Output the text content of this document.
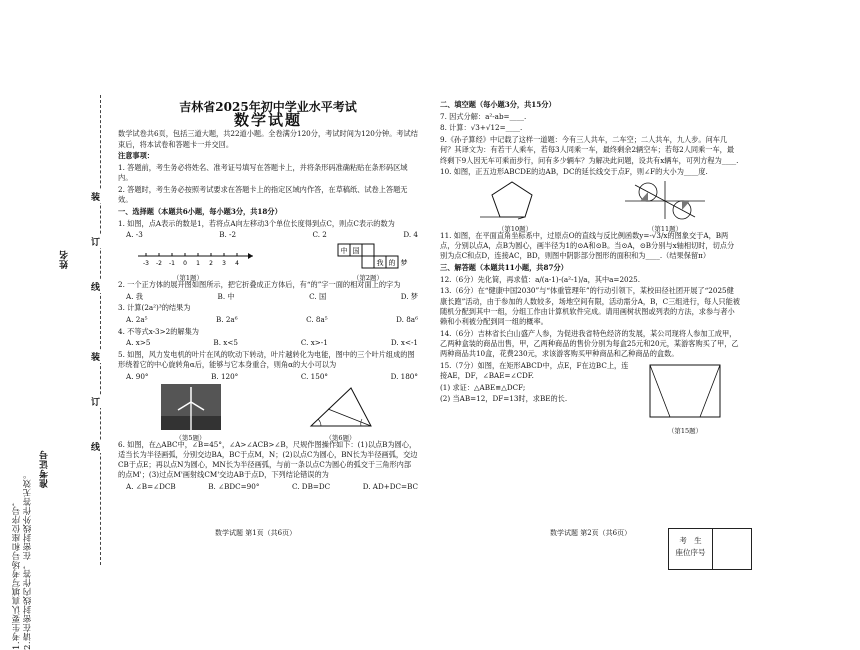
1.考生要认真填写考场号和座位序号， 2.请在密封线内作答，在密封线外作答无效。
准考证号
姓名
装
订
线
装
订
线
吉林省2025年初中学业水平考试
数学试题
数学试卷共6页，包括三道大题，共22道小题。全卷满分120分，考试时间为120分钟。考试结束后，将本试卷和答题卡一并交回。
注意事项：
1. 答题前，考生务必将姓名、准考证号填写在答题卡上，并将条形码准确粘贴在条形码区域内。
2. 答题时，考生务必按照考试要求在答题卡上的指定区域内作答，在草稿纸、试卷上答题无效。
一、选择题（本题共6小题，每小题3分，共18分）
1. 如图，点A表示的数是1，若将点A向左移动3个单位长度得到点C，则点C表示的数为
A. -3	B. -2	C. 2	D. 4
-3 -2 -1 0 1 2 3 4
（第1题）
中 国
我 的 梦
（第2题）
2. 一个正方体的展开图如图所示，把它折叠成正方体后，有“的”字一面的相对面上的字为
A. 我	B. 中	C. 国	D. 梦
3. 计算(2a²)³的结果为
A. 2a⁵	B. 2a⁶	C. 8a⁵	D. 8a⁶
4. 不等式x-3>2的解集为
A. x>5	B. x<5	C. x>-1	D. x<-1
5. 如图，风力发电机的叶片在风的吹动下转动，叶片越转化为电能，图中的三个叶片组成的图形绕着它的中心旋转角α后，能够与它本身重合，则角α的大小可以为
A. 90°	B. 120°	C. 150°	D. 180°
（第5题）	（第6题）
6. 如图，在△ABC中，∠B=45°，∠A>∠ACB>∠B，尺规作图操作如下：(1)以点B为圆心，适当长为半径画弧，分别交边BA，BC于点M，N；(2)以点C为圆心，BN长为半径画弧，交边CB于点E；再以点N为圆心，MN长为半径画弧，与前一条以点C为圆心的弧交于三角形内部的点M'；(3)过点M'画射线CM'交边AB于点D，下列结论错误的为
A. ∠B=∠DCB	B. ∠BDC=90°	C. DB=DC	D. AD+DC=BC
数学试题 第1页（共6页）
二、填空题（每小题3分，共15分）
7. 因式分解：a²-ab=____.
8. 计算：√3+√12=____.
9.《孙子算经》中记载了这样一道题：今有三人共车，二车空；二人共车，九人步。问车几何？其译文为：有若干人乘车，若每3人同乘一车，最终剩余2辆空车；若每2人同乘一车，最终剩下9人因无车可乘而步行，问有多少辆车？为解决此问题，设共有x辆车，可列方程为____.
10. 如图，正五边形ABCDE的边AB，DC的延长线交于点F，则∠F的大小为____度.
（第10题）	（第11题）
11. 如图，在平面直角坐标系中，过原点O的直线与反比例函数y=-√3/x的图象交于A，B两点，分别以点A，点B为圆心，画半径为1的⊙A和⊙B。当⊙A，⊙B分别与x轴相切时，切点分别为点C和点D，连接AC，BD，则图中阴影部分图形的面积和为____.（结果保留π）
三、解答题（本题共11小题，共87分）
12.（6分）先化简，再求值：a/(a-1)-(a²-1)/a，其中a=2025.
13.（6分）在“健康中国2030”与“体重管理年”的行动引领下，某校田径社团开展了“2025健康长跑”活动，由于参加的人数较多，场地空间有限，活动需分A，B，C三组进行，每人只能被随机分配到其中一组，分组工作由计算机软件完成。请用画树状图或列表的方法，求参与者小赖和小利被分配到同一组的概率。
14.（6分）吉林省长白山盛产人参，为促进我省特色经济的发展，某公司现将人参加工成甲，乙两种盒装的商品出售，甲，乙两种商品的售价分别为每盒25元和20元，某游客购买了甲，乙两种商品共10盒，花费230元，求该游客购买甲种商品和乙种商品的盒数。
15.（7分）如图，在矩形ABCD中，点E，F在边BC上，连接AE，DF，∠BAE=∠CDF.
(1) 求证：△ABE≌△DCF;
(2) 当AB=12，DF=13时，求BE的长.
（第15题）
数学试题 第2页（共6页）
考 生
座位序号
